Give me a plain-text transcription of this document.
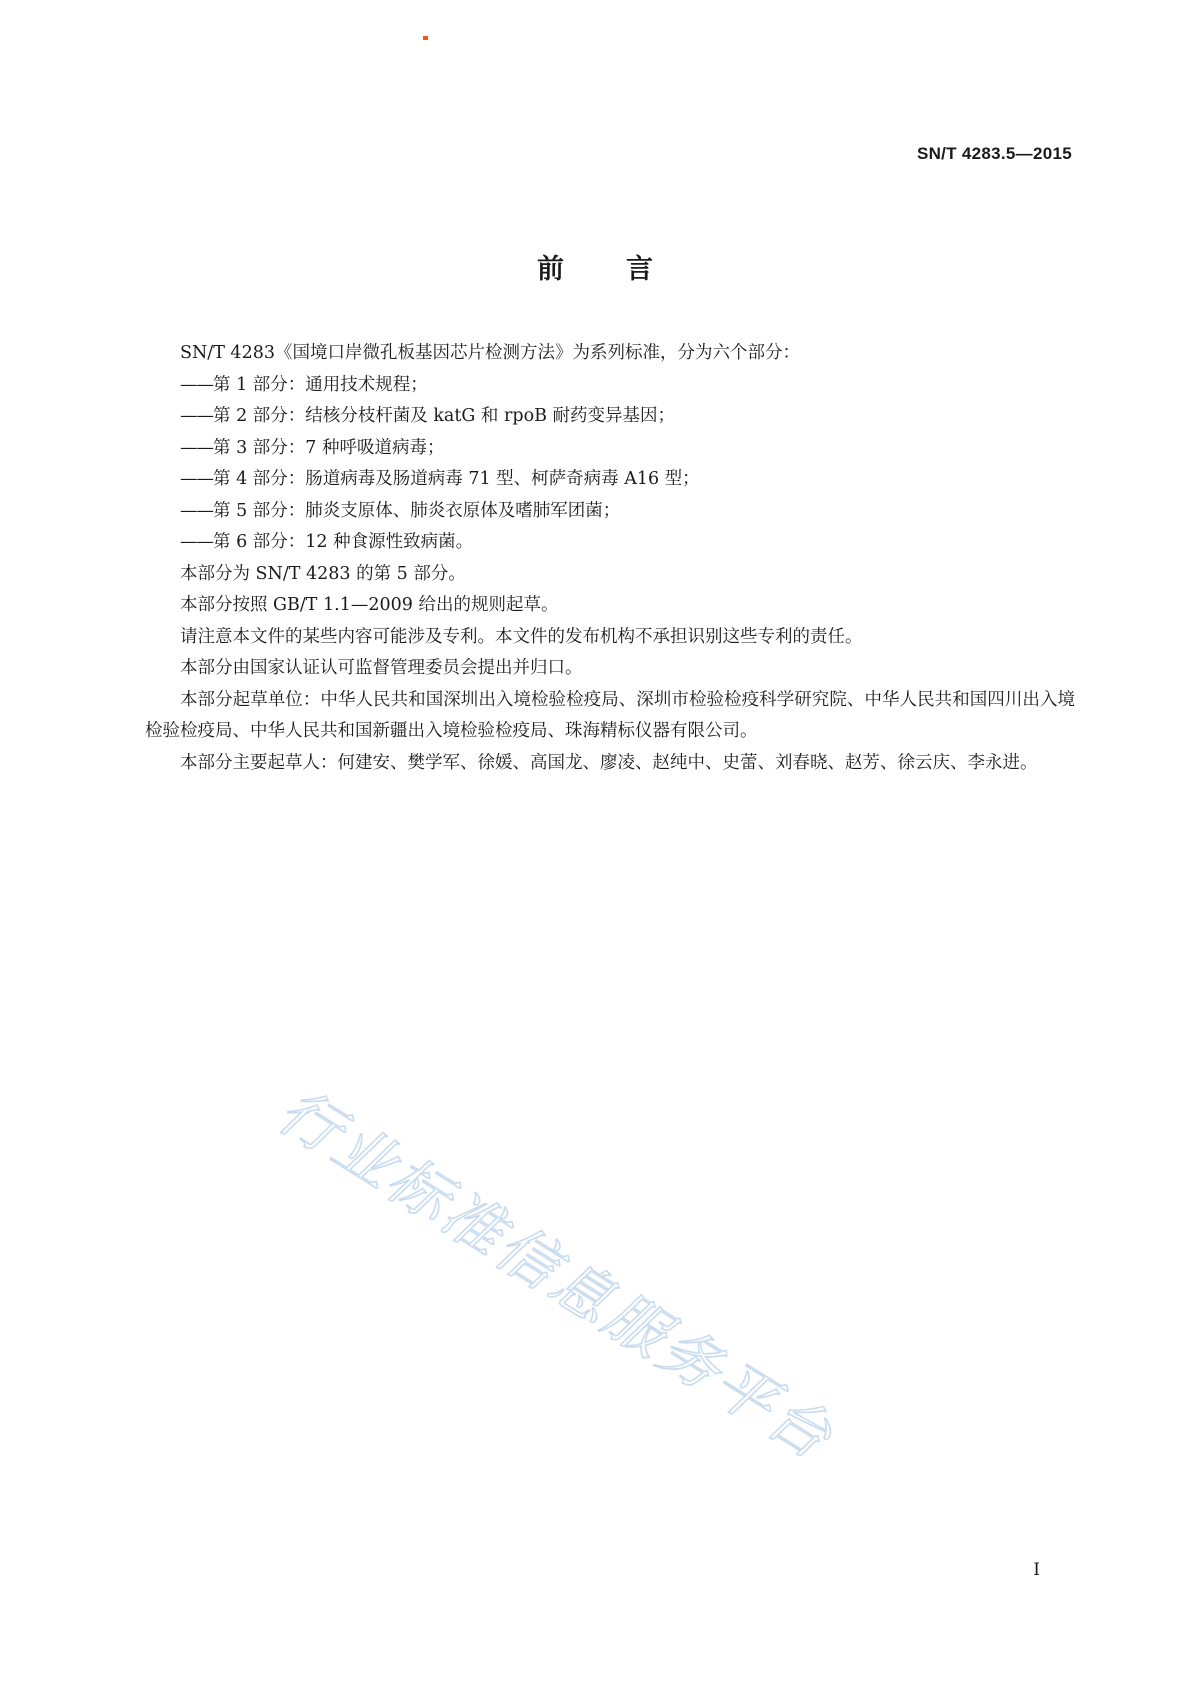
SN/T 4283.5—2015
前 言

SN/T 4283《国境口岸微孔板基因芯片检测方法》为系列标准，分为六个部分：

——第 1 部分：通用技术规程；

——第 2 部分：结核分枝杆菌及 katG 和 rpoB 耐药变异基因；

——第 3 部分：7 种呼吸道病毒；

——第 4 部分：肠道病毒及肠道病毒 71 型、柯萨奇病毒 A16 型；

——第 5 部分：肺炎支原体、肺炎衣原体及嗜肺军团菌；

——第 6 部分：12 种食源性致病菌。

本部分为 SN/T 4283 的第 5 部分。

本部分按照 GB/T 1.1—2009 给出的规则起草。

请注意本文件的某些内容可能涉及专利。本文件的发布机构不承担识别这些专利的责任。

本部分由国家认证认可监督管理委员会提出并归口。

本部分起草单位：中华人民共和国深圳出入境检验检疫局、深圳市检验检疫科学研究院、中华人民共和国四川出入境检验检疫局、中华人民共和国新疆出入境检验检疫局、珠海精标仪器有限公司。

本部分主要起草人：何建安、樊学军、徐媛、高国龙、廖凌、赵纯中、史蕾、刘春晓、赵芳、徐云庆、李永进。

行业标准信息服务平台
I
